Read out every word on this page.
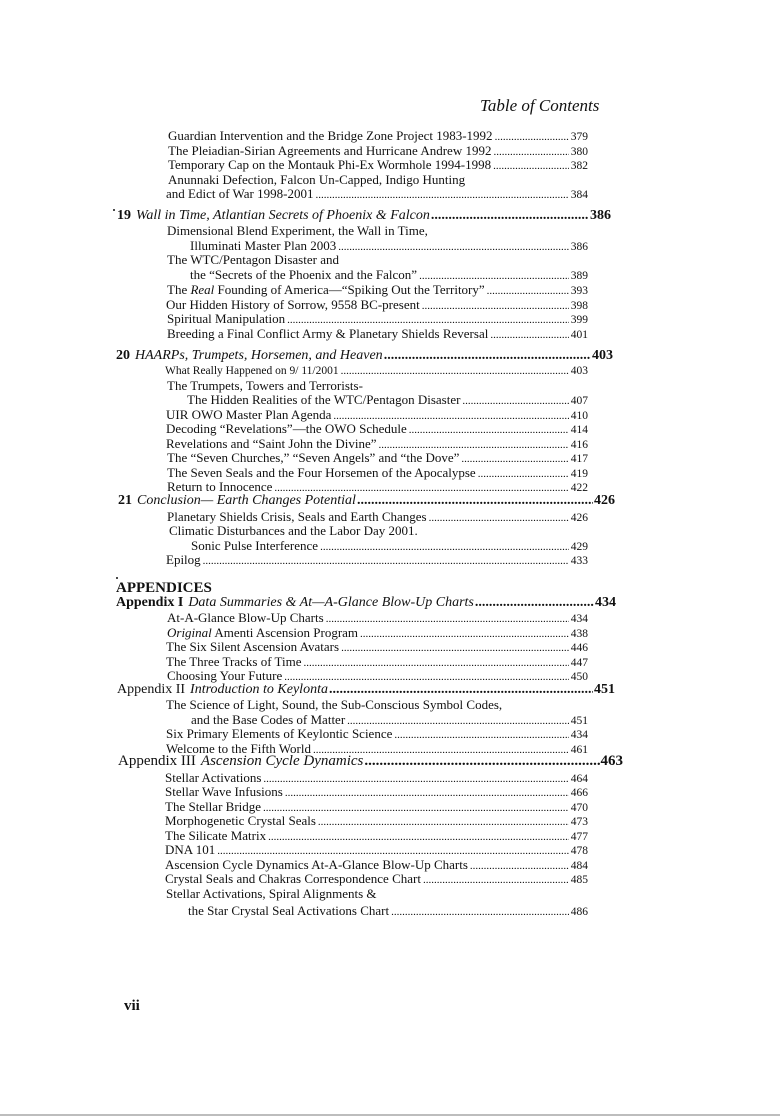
Table of Contents
Guardian Intervention and the Bridge Zone Project 1983-1992 .....	379
The Pleiadian-Sirian Agreements and Hurricane Andrew 1992 .....	380
Temporary Cap on the Montauk Phi-Ex Wormhole 1994-1998 .....	382
Anunnaki Defection, Falcon Un-Capped, Indigo Hunting
and Edict of War 1998-2001 .....	384
19 Wall in Time, Atlantian Secrets of Phoenix & Falcon .....	386
Dimensional Blend Experiment, the Wall in Time,
Illuminati Master Plan 2003 .....	386
The WTC/Pentagon Disaster and
the “Secrets of the Phoenix and the Falcon” .....	389
The Real Founding of America—“Spiking Out the Territory” .....	393
Our Hidden History of Sorrow, 9558 BC-present .....	398
Spiritual Manipulation .....	399
Breeding a Final Conflict Army & Planetary Shields Reversal .....	401
20 HAARPs, Trumpets, Horsemen, and Heaven .....	403
What Really Happened on 9/ 11/2001 .....	403
The Trumpets, Towers and Terrorists-
The Hidden Realities of the WTC/Pentagon Disaster .....	407
UIR OWO Master Plan Agenda .....	410
Decoding “Revelations”—the OWO Schedule .....	414
Revelations and “Saint John the Divine” .....	416
The “Seven Churches,” “Seven Angels” and “the Dove” .....	417
The Seven Seals and the Four Horsemen of the Apocalypse .....	419
Return to Innocence .....	422
21 Conclusion— Earth Changes Potential .....	426
Planetary Shields Crisis, Seals and Earth Changes .....	426
Climatic Disturbances and the Labor Day 2001.
Sonic Pulse Interference .....	429
Epilog .....	433
APPENDICES
Appendix I Data Summaries & At—A-Glance Blow-Up Charts .....	434
At-A-Glance Blow-Up Charts .....	434
Original Amenti Ascension Program .....	438
The Six Silent Ascension Avatars .....	446
The Three Tracks of Time .....	447
Choosing Your Future .....	450
Appendix II Introduction to Keylonta .....	451
The Science of Light, Sound, the Sub-Conscious Symbol Codes,
and the Base Codes of Matter .....	451
Six Primary Elements of Keylontic Science .....	434
Welcome to the Fifth World .....	461
Appendix III Ascension Cycle Dynamics .....	463
Stellar Activations .....	464
Stellar Wave Infusions .....	466
The Stellar Bridge .....	470
Morphogenetic Crystal Seals .....	473
The Silicate Matrix .....	477
DNA 101 .....	478
Ascension Cycle Dynamics At-A-Glance Blow-Up Charts .....	484
Crystal Seals and Chakras Correspondence Chart .....	485
Stellar Activations, Spiral Alignments &
the Star Crystal Seal Activations Chart .....	486
vii
